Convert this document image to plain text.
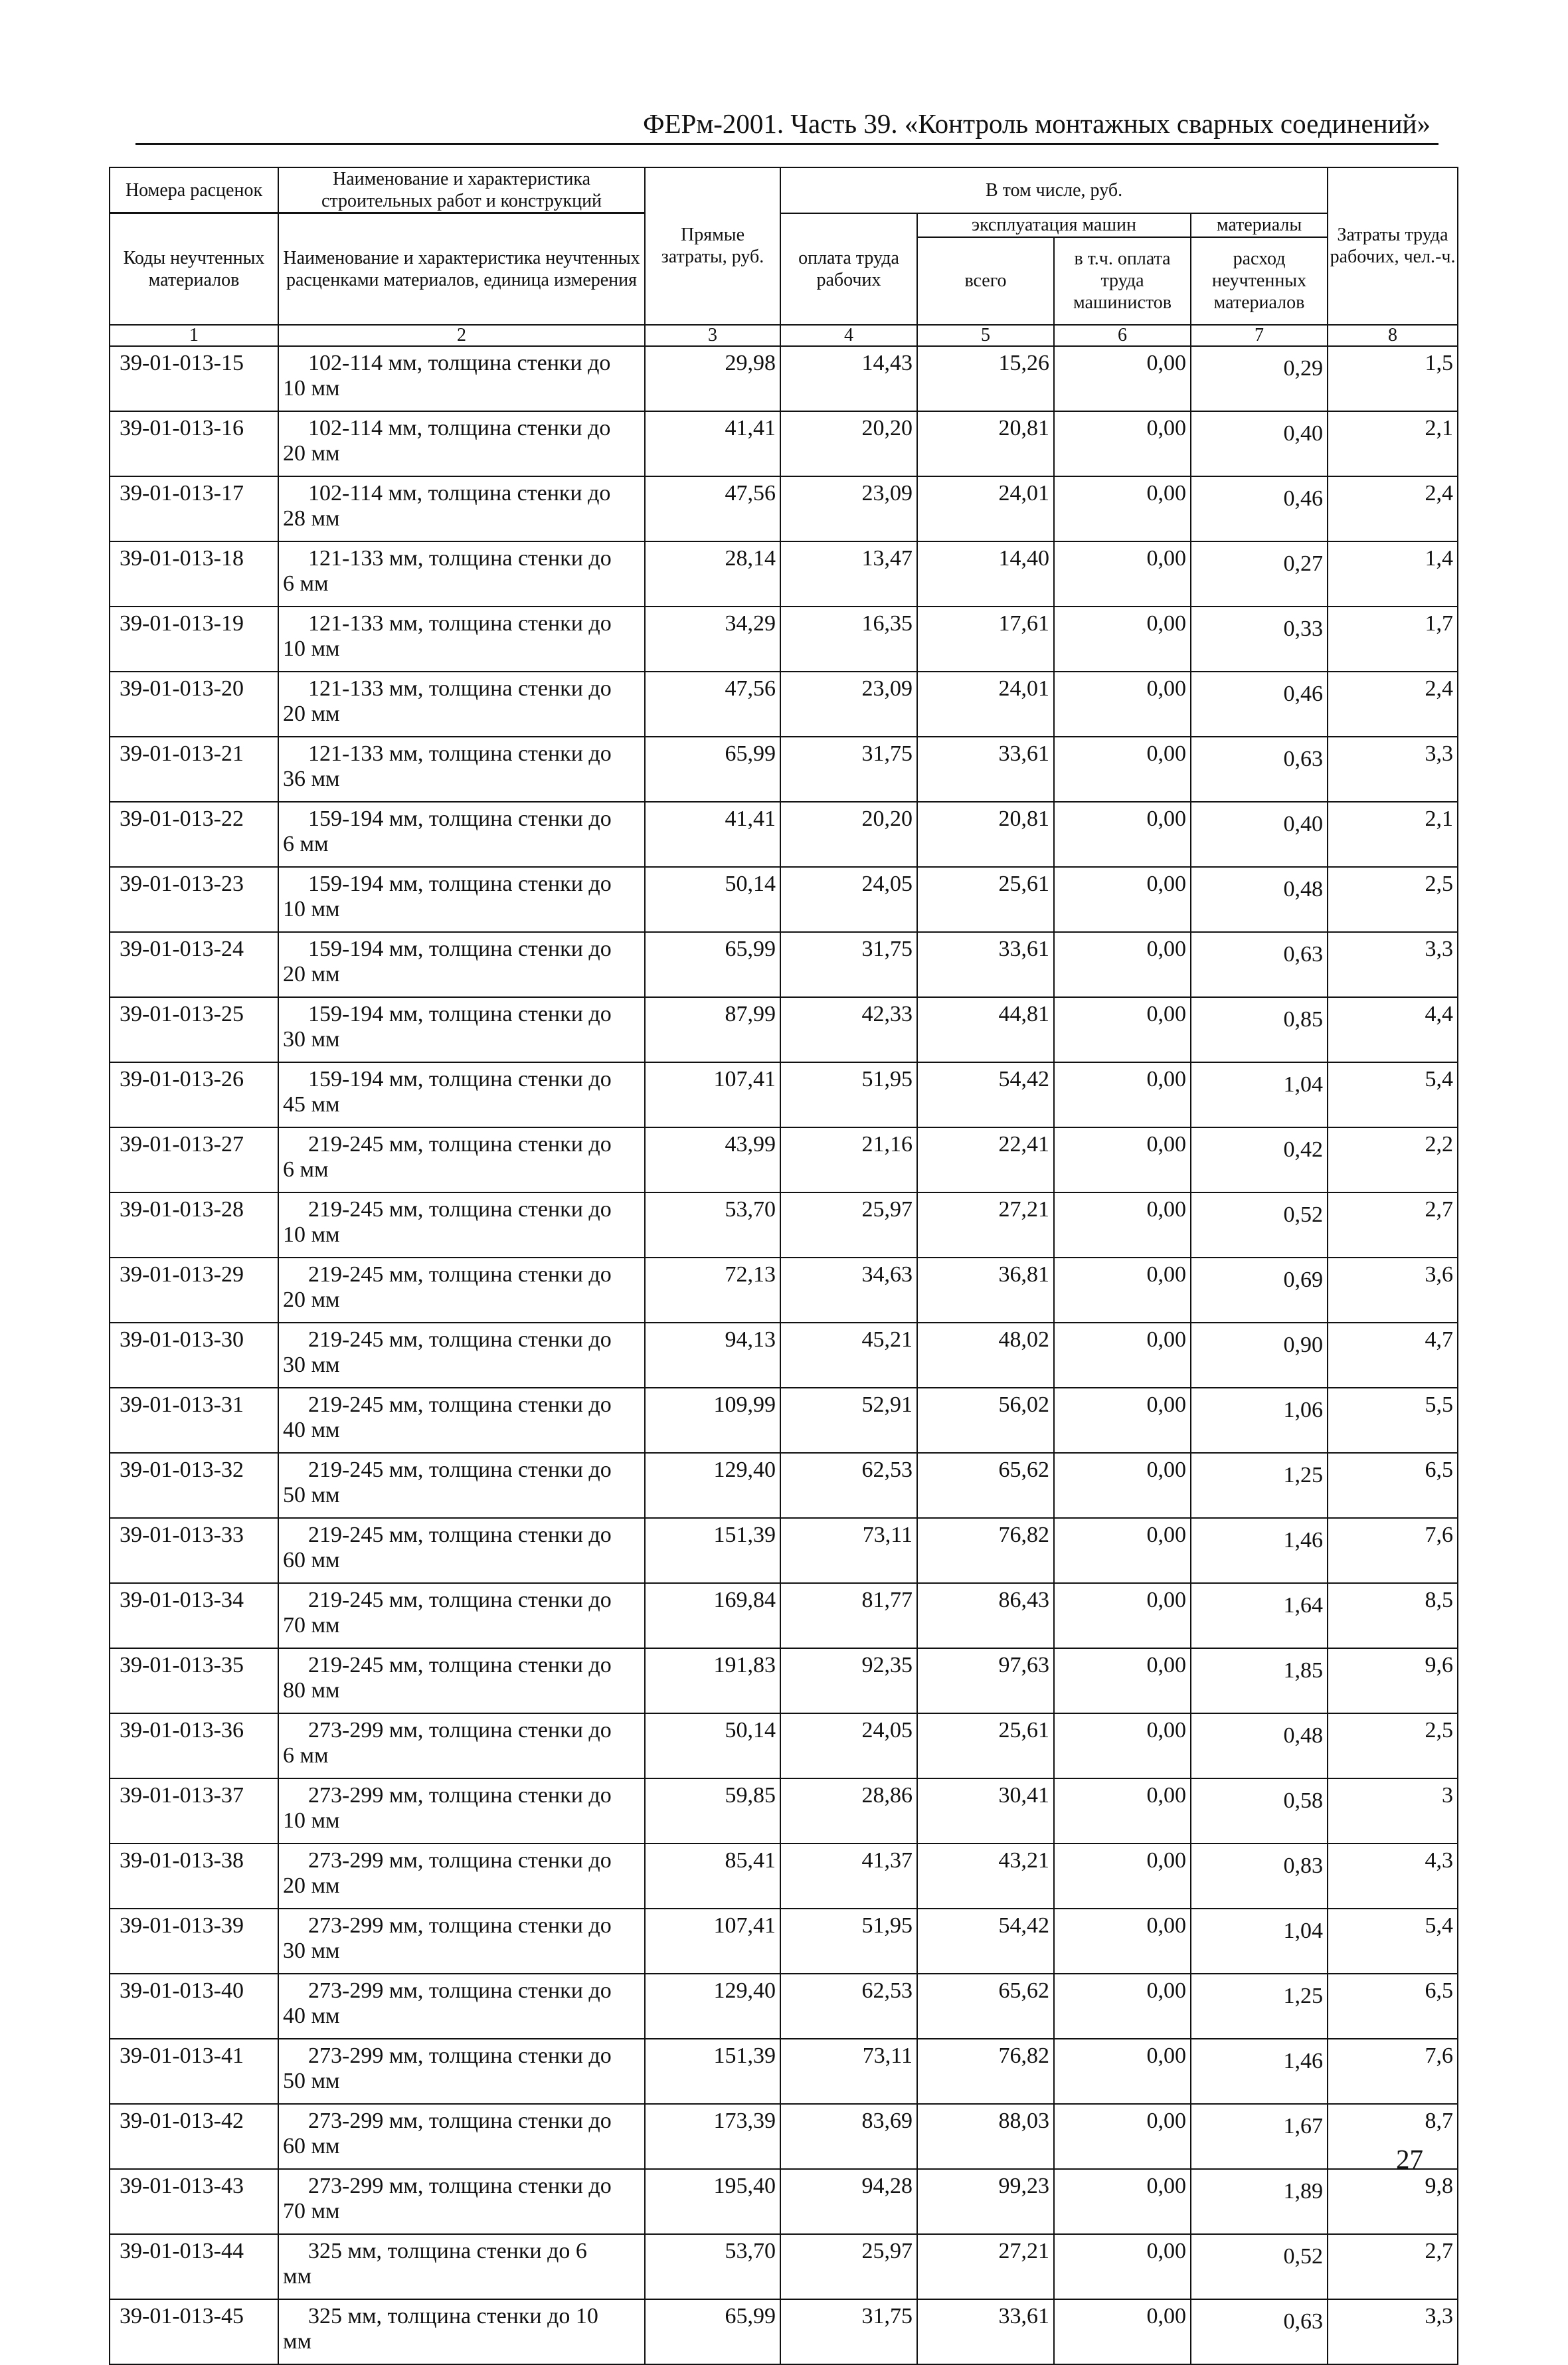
ФЕРм-2001. Часть 39. «Контроль монтажных сварных соединений»
Номера расценок	Наименование и характеристика строительных работ и конструкций	Прямые затраты, руб.	В том числе, руб.				Затраты труда рабочих, чел.-ч.
Коды неучтенных материалов	Наименование и характеристика неучтенных расценками материалов, единица измерения		оплата труда рабочих	эксплуатация машин		материалы	
				всего	в т.ч. оплата труда машинистов	расход неучтенных материалов	
1	2	3	4	5	6	7	8
39-01-013-15	102-114 мм, толщина стенки до
10 мм	29,98	14,43	15,26	0,00	0,29	1,5
39-01-013-16	102-114 мм, толщина стенки до
20 мм	41,41	20,20	20,81	0,00	0,40	2,1
39-01-013-17	102-114 мм, толщина стенки до
28 мм	47,56	23,09	24,01	0,00	0,46	2,4
39-01-013-18	121-133 мм, толщина стенки до
6 мм	28,14	13,47	14,40	0,00	0,27	1,4
39-01-013-19	121-133 мм, толщина стенки до
10 мм	34,29	16,35	17,61	0,00	0,33	1,7
39-01-013-20	121-133 мм, толщина стенки до
20 мм	47,56	23,09	24,01	0,00	0,46	2,4
39-01-013-21	121-133 мм, толщина стенки до
36 мм	65,99	31,75	33,61	0,00	0,63	3,3
39-01-013-22	159-194 мм, толщина стенки до
6 мм	41,41	20,20	20,81	0,00	0,40	2,1
39-01-013-23	159-194 мм, толщина стенки до
10 мм	50,14	24,05	25,61	0,00	0,48	2,5
39-01-013-24	159-194 мм, толщина стенки до
20 мм	65,99	31,75	33,61	0,00	0,63	3,3
39-01-013-25	159-194 мм, толщина стенки до
30 мм	87,99	42,33	44,81	0,00	0,85	4,4
39-01-013-26	159-194 мм, толщина стенки до
45 мм	107,41	51,95	54,42	0,00	1,04	5,4
39-01-013-27	219-245 мм, толщина стенки до
6 мм	43,99	21,16	22,41	0,00	0,42	2,2
39-01-013-28	219-245 мм, толщина стенки до
10 мм	53,70	25,97	27,21	0,00	0,52	2,7
39-01-013-29	219-245 мм, толщина стенки до
20 мм	72,13	34,63	36,81	0,00	0,69	3,6
39-01-013-30	219-245 мм, толщина стенки до
30 мм	94,13	45,21	48,02	0,00	0,90	4,7
39-01-013-31	219-245 мм, толщина стенки до
40 мм	109,99	52,91	56,02	0,00	1,06	5,5
39-01-013-32	219-245 мм, толщина стенки до
50 мм	129,40	62,53	65,62	0,00	1,25	6,5
39-01-013-33	219-245 мм, толщина стенки до
60 мм	151,39	73,11	76,82	0,00	1,46	7,6
39-01-013-34	219-245 мм, толщина стенки до
70 мм	169,84	81,77	86,43	0,00	1,64	8,5
39-01-013-35	219-245 мм, толщина стенки до
80 мм	191,83	92,35	97,63	0,00	1,85	9,6
39-01-013-36	273-299 мм, толщина стенки до
6 мм	50,14	24,05	25,61	0,00	0,48	2,5
39-01-013-37	273-299 мм, толщина стенки до
10 мм	59,85	28,86	30,41	0,00	0,58	3
39-01-013-38	273-299 мм, толщина стенки до
20 мм	85,41	41,37	43,21	0,00	0,83	4,3
39-01-013-39	273-299 мм, толщина стенки до
30 мм	107,41	51,95	54,42	0,00	1,04	5,4
39-01-013-40	273-299 мм, толщина стенки до
40 мм	129,40	62,53	65,62	0,00	1,25	6,5
39-01-013-41	273-299 мм, толщина стенки до
50 мм	151,39	73,11	76,82	0,00	1,46	7,6
39-01-013-42	273-299 мм, толщина стенки до
60 мм	173,39	83,69	88,03	0,00	1,67	8,7
39-01-013-43	273-299 мм, толщина стенки до
70 мм	195,40	94,28	99,23	0,00	1,89	9,8
39-01-013-44	325 мм, толщина стенки до 6
мм	53,70	25,97	27,21	0,00	0,52	2,7
39-01-013-45	325 мм, толщина стенки до 10
мм	65,99	31,75	33,61	0,00	0,63	3,3
27
